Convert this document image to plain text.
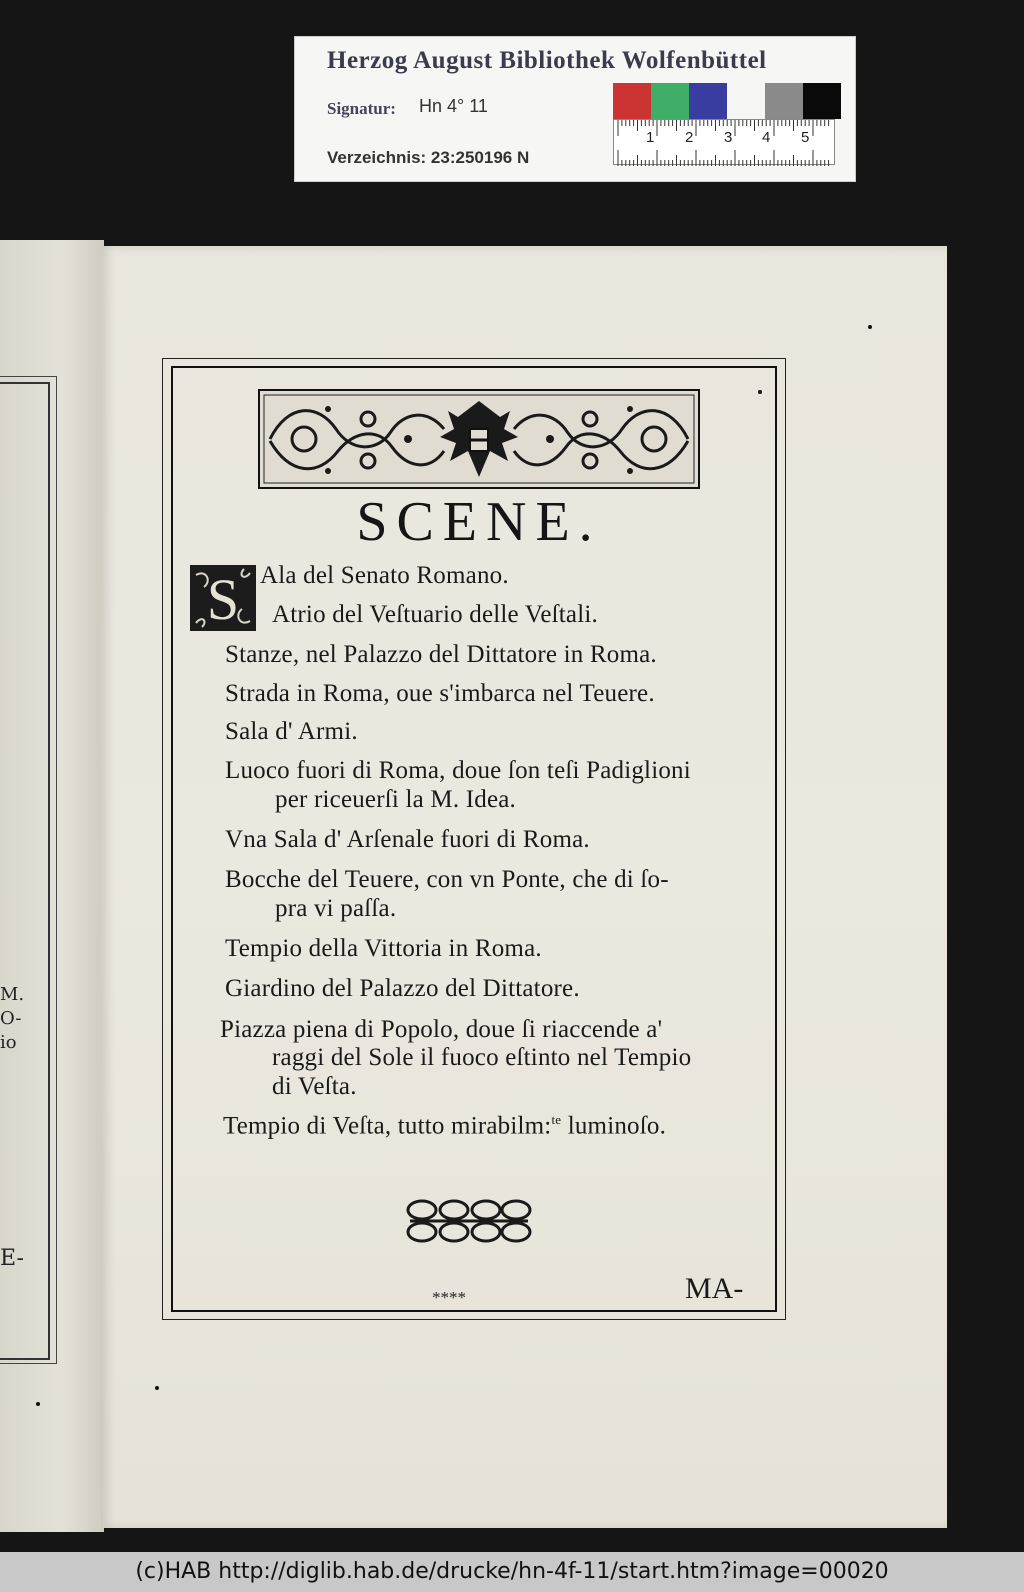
Herzog August Bibliothek Wolfenbüttel
Signatur: Hn 4° 11
Verzeichnis: 23:250196 N
1 2 3 4 5
M.
O-
io
E-
SCENE.
S Ala del Senato Romano.
Atrio del Veſtuario delle Veſtali.
Stanze, nel Palazzo del Dittatore in Roma.
Strada in Roma, oue s'imbarca nel Teuere.
Sala d' Armi.
Luoco fuori di Roma, doue ſon teſi Padiglioni
per riceuerſi la M. Idea.
Vna Sala d' Arſenale fuori di Roma.
Bocche del Teuere, con vn Ponte, che di ſo-
pra vi paſſa.
Tempio della Vittoria in Roma.
Giardino del Palazzo del Dittatore.
Piazza piena di Popolo, doue ſi riaccende a'
raggi del Sole il fuoco eſtinto nel Tempio
di Veſta.
Tempio di Veſta, tutto mirabilm:$^{te}$ luminoſo.
****	MA-
(c)HAB http://diglib.hab.de/drucke/hn-4f-11/start.htm?image=00020
